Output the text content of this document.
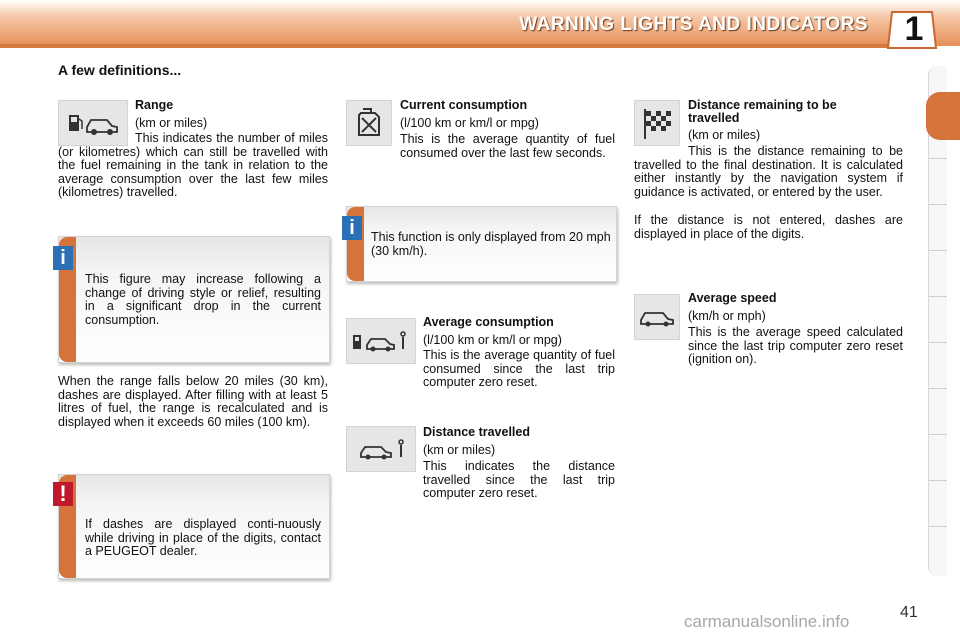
WARNING LIGHTS AND INDICATORS 1
A few definitions...
Range
(km or miles)
This indicates the number of miles (or kilometres) which can still be travelled with the fuel remaining in the tank in relation to the average consumption over the last few miles (kilometres) travelled.
This figure may increase following a change of driving style or relief, resulting in a significant drop in the current consumption.
i
When the range falls below 20 miles (30 km), dashes are displayed. After filling with at least 5 litres of fuel, the range is recalculated and is displayed when it exceeds 60 miles (100 km).
If dashes are displayed conti-nuously while driving in place of the digits, contact a PEUGEOT dealer.
!
Current consumption
(l/100 km or km/l or mpg)
This is the average quantity of fuel consumed over the last few seconds.
This function is only displayed from 20 mph (30 km/h).
i
Average consumption
(l/100 km or km/l or mpg)
This is the average quantity of fuel consumed since the last trip computer zero reset.
Distance travelled
(km or miles)
This indicates the distance travelled since the last trip computer zero reset.
Distance remaining to be travelled
(km or miles)
This is the distance remaining to be travelled to the final destination. It is calculated either instantly by the navigation system if guidance is activated, or entered by the user.
If the distance is not entered, dashes are displayed in place of the digits.
Average speed
(km/h or mph)
This is the average speed calculated since the last trip computer zero reset (ignition on).
41
carmanualsonline.info
